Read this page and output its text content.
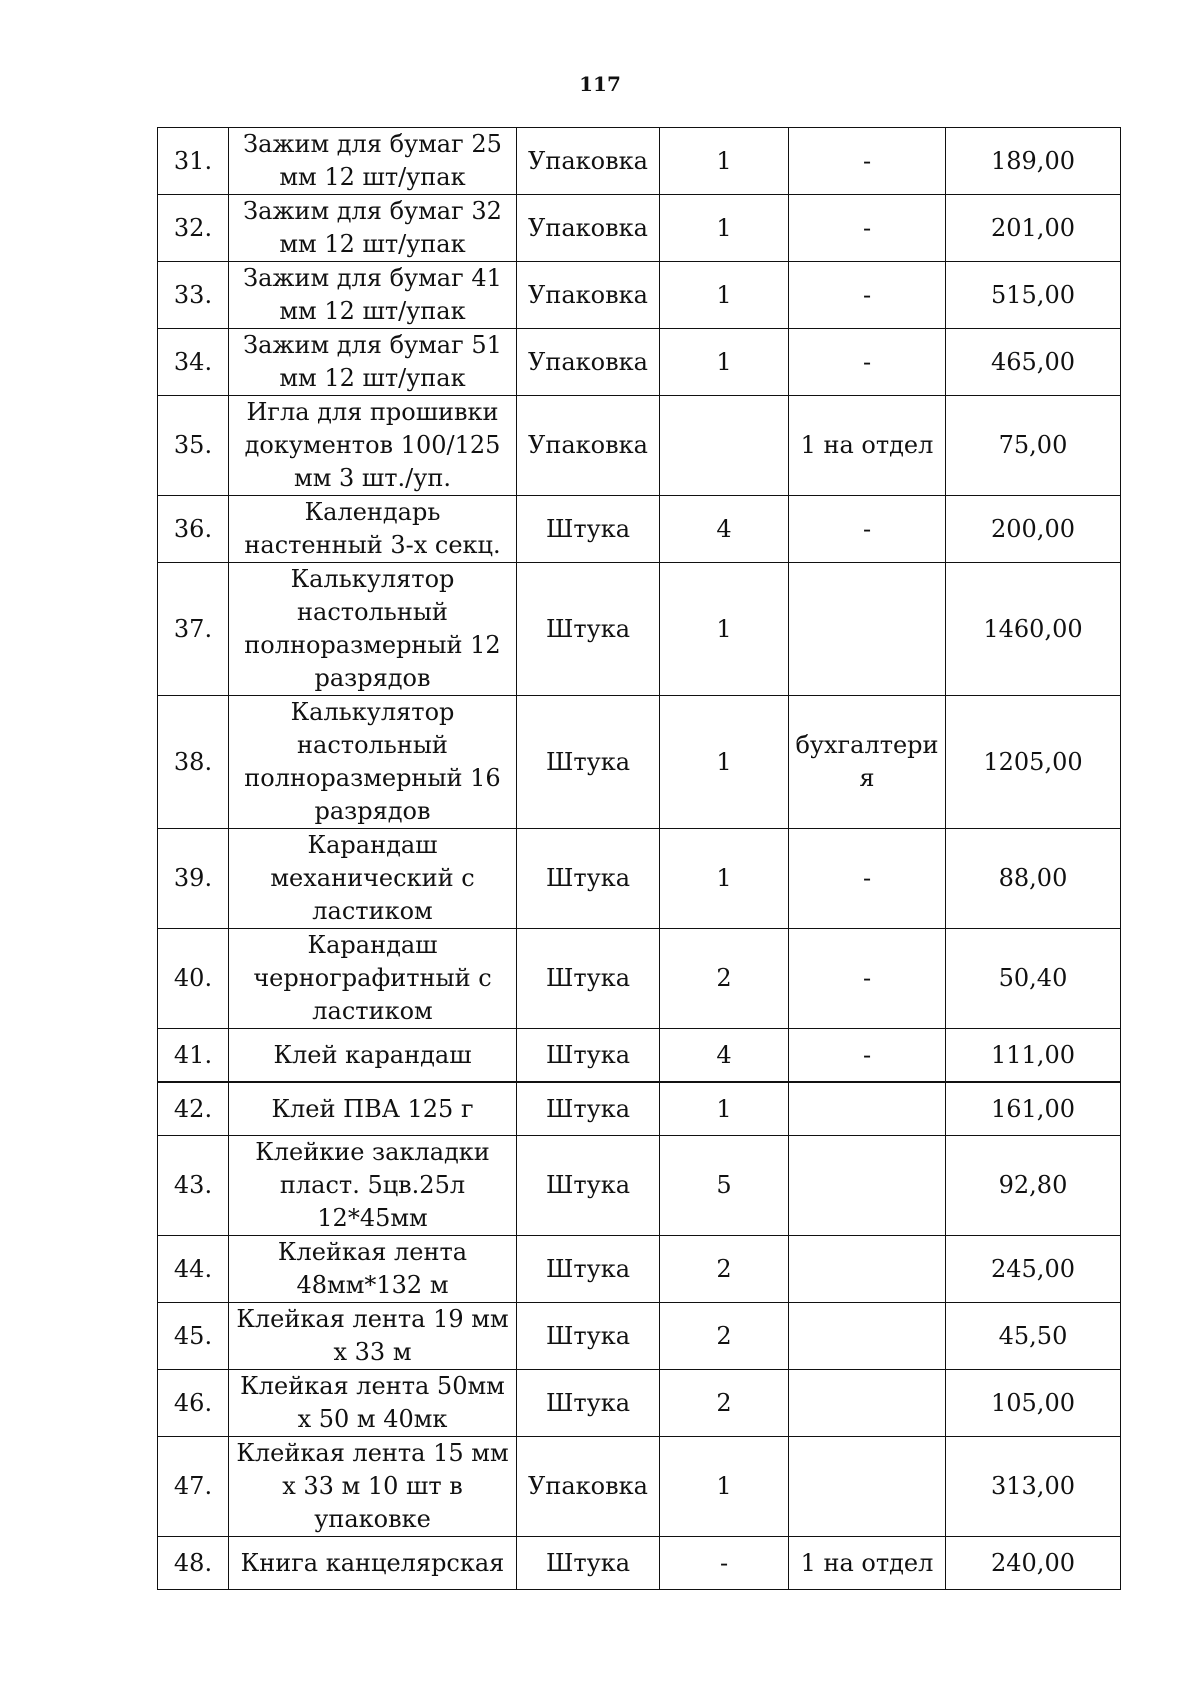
117
31.	Зажим для бумаг 25 мм 12 шт/упак	Упаковка	1	-	189,00
32.	Зажим для бумаг 32 мм 12 шт/упак	Упаковка	1	-	201,00
33.	Зажим для бумаг 41 мм 12 шт/упак	Упаковка	1	-	515,00
34.	Зажим для бумаг 51 мм 12 шт/упак	Упаковка	1	-	465,00
35.	Игла для прошивки документов 100/125 мм 3 шт./уп.	Упаковка		1 на отдел	75,00
36.	Календарь настенный 3-х секц.	Штука	4	-	200,00
37.	Калькулятор настольный полноразмерный 12 разрядов	Штука	1		1460,00
38.	Калькулятор настольный полноразмерный 16 разрядов	Штука	1	бухгалтерия	1205,00
39.	Карандаш механический с ластиком	Штука	1	-	88,00
40.	Карандаш чернографитный с ластиком	Штука	2	-	50,40
41.	Клей карандаш	Штука	4	-	111,00
42.	Клей ПВА 125 г	Штука	1		161,00
43.	Клейкие закладки пласт. 5цв.25л 12*45мм	Штука	5		92,80
44.	Клейкая лента 48мм*132 м	Штука	2		245,00
45.	Клейкая лента 19 мм х 33 м	Штука	2		45,50
46.	Клейкая лента 50мм х 50 м 40мк	Штука	2		105,00
47.	Клейкая лента 15 мм х 33 м 10 шт в упаковке	Упаковка	1		313,00
48.	Книга канцелярская	Штука	-	1 на отдел	240,00
